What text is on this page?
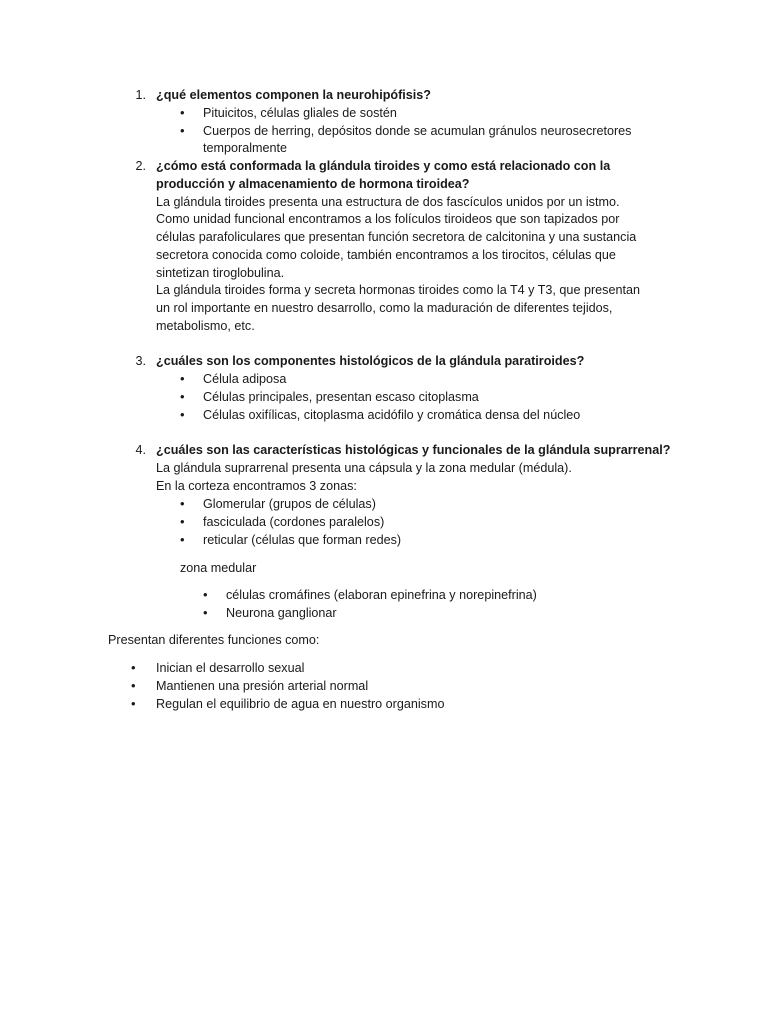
1. ¿qué elementos componen la neurohipófisis?
• Pituicitos, células gliales de sostén
• Cuerpos de herring, depósitos donde se acumulan gránulos neurosecretores
temporalmente
2. ¿cómo está conformada la glándula tiroides y como está relacionado con la
producción y almacenamiento de hormona tiroidea?
La glándula tiroides presenta una estructura de dos fascículos unidos por un istmo.
Como unidad funcional encontramos a los folículos tiroideos que son tapizados por
células parafoliculares que presentan función secretora de calcitonina y una sustancia
secretora conocida como coloide, también encontramos a los tirocitos, células que
sintetizan tiroglobulina.
La glándula tiroides forma y secreta hormonas tiroides como la T4 y T3, que presentan
un rol importante en nuestro desarrollo, como la maduración de diferentes tejidos,
metabolismo, etc.
3. ¿cuáles son los componentes histológicos de la glándula paratiroides?
• Célula adiposa
• Células principales, presentan escaso citoplasma
• Células oxifílicas, citoplasma acidófilo y cromática densa del núcleo
4. ¿cuáles son las características histológicas y funcionales de la glándula suprarrenal?
La glándula suprarrenal presenta una cápsula y la zona medular (médula).
En la corteza encontramos 3 zonas:
• Glomerular (grupos de células)
• fasciculada (cordones paralelos)
• reticular (células que forman redes)
zona medular
• células cromáfines (elaboran epinefrina y norepinefrina)
• Neurona ganglionar
Presentan diferentes funciones como:
• Inician el desarrollo sexual
• Mantienen una presión arterial normal
• Regulan el equilibrio de agua en nuestro organismo
